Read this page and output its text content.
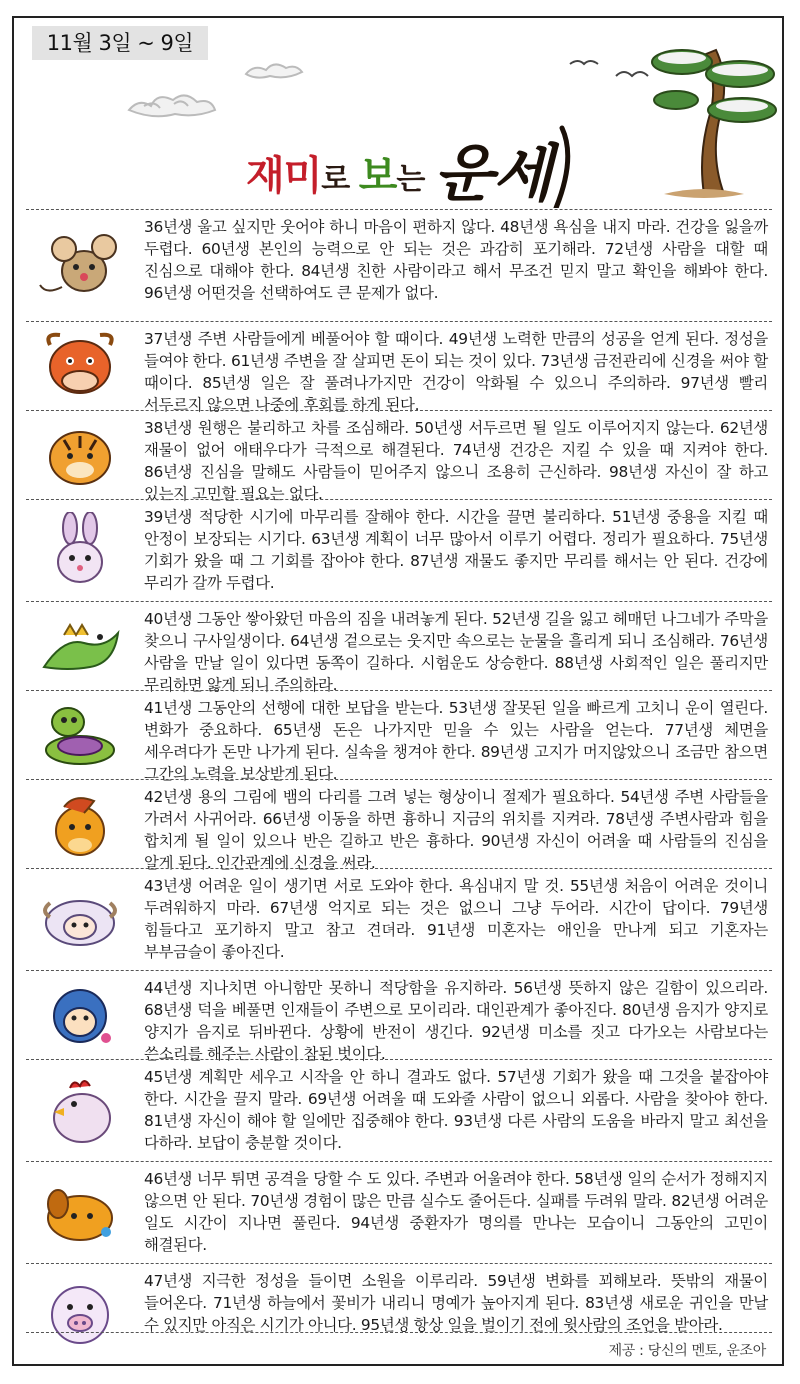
11월 3일 ~ 9일
재미로 보는 운세
36년생 울고 싶지만 웃어야 하니 마음이 편하지 않다. 48년생 욕심을 내지 마라. 건강을 잃을까 두렵다. 60년생 본인의 능력으로 안 되는 것은 과감히 포기해라. 72년생 사람을 대할 때 진심으로 대해야 한다. 84년생 친한 사람이라고 해서 무조건 믿지 말고 확인을 해봐야 한다. 96년생 어떤것을 선택하여도 큰 문제가 없다.
37년생 주변 사람들에게 베풀어야 할 때이다. 49년생 노력한 만큼의 성공을 얻게 된다. 정성을 들여야 한다. 61년생 주변을 잘 살피면 돈이 되는 것이 있다. 73년생 금전관리에 신경을 써야 할 때이다. 85년생 일은 잘 풀려나가지만 건강이 악화될 수 있으니 주의하라. 97년생 빨리 서두르지 않으면 나중에 후회를 하게 된다.
38년생 원행은 불리하고 차를 조심해라. 50년생 서두르면 될 일도 이루어지지 않는다. 62년생 재물이 없어 애태우다가 극적으로 해결된다. 74년생 건강은 지킬 수 있을 때 지켜야 한다. 86년생 진심을 말해도 사람들이 믿어주지 않으니 조용히 근신하라. 98년생 자신이 잘 하고 있는지 고민할 필요는 없다.
39년생 적당한 시기에 마무리를 잘해야 한다. 시간을 끌면 불리하다. 51년생 중용을 지킬 때 안정이 보장되는 시기다. 63년생 계획이 너무 많아서 이루기 어렵다. 정리가 필요하다. 75년생 기회가 왔을 때 그 기회를 잡아야 한다. 87년생 재물도 좋지만 무리를 해서는 안 된다. 건강에 무리가 갈까 두렵다.
40년생 그동안 쌓아왔던 마음의 짐을 내려놓게 된다. 52년생 길을 잃고 헤매던 나그네가 주막을 찾으니 구사일생이다. 64년생 겉으로는 웃지만 속으로는 눈물을 흘리게 되니 조심해라. 76년생 사람을 만날 일이 있다면 동쪽이 길하다. 시험운도 상승한다. 88년생 사회적인 일은 풀리지만 무리하면 앓게 되니 주의하라.
41년생 그동안의 선행에 대한 보답을 받는다. 53년생 잘못된 일을 빠르게 고치니 운이 열린다. 변화가 중요하다. 65년생 돈은 나가지만 믿을 수 있는 사람을 얻는다. 77년생 체면을 세우려다가 돈만 나가게 된다. 실속을 챙겨야 한다. 89년생 고지가 머지않았으니 조금만 참으면 그간의 노력을 보상받게 된다.
42년생 용의 그림에 뱀의 다리를 그려 넣는 형상이니 절제가 필요하다. 54년생 주변 사람들을 가려서 사귀어라. 66년생 이동을 하면 흉하니 지금의 위치를 지켜라. 78년생 주변사람과 힘을 합치게 될 일이 있으나 반은 길하고 반은 흉하다. 90년생 자신이 어려울 때 사람들의 진심을 알게 된다. 인간관계에 신경을 써라.
43년생 어려운 일이 생기면 서로 도와야 한다. 욕심내지 말 것. 55년생 처음이 어려운 것이니 두려워하지 마라. 67년생 억지로 되는 것은 없으니 그냥 두어라. 시간이 답이다. 79년생 힘들다고 포기하지 말고 참고 견뎌라. 91년생 미혼자는 애인을 만나게 되고 기혼자는 부부금슬이 좋아진다.
44년생 지나치면 아니함만 못하니 적당함을 유지하라. 56년생 뜻하지 않은 길함이 있으리라. 68년생 덕을 베풀면 인재들이 주변으로 모이리라. 대인관계가 좋아진다. 80년생 음지가 양지로 양지가 음지로 뒤바뀐다. 상황에 반전이 생긴다. 92년생 미소를 짓고 다가오는 사람보다는 쓴소리를 해주는 사람이 참된 벗이다.
45년생 계획만 세우고 시작을 안 하니 결과도 없다. 57년생 기회가 왔을 때 그것을 붙잡아야 한다. 시간을 끌지 말라. 69년생 어려울 때 도와줄 사람이 없으니 외롭다. 사람을 찾아야 한다. 81년생 자신이 해야 할 일에만 집중해야 한다. 93년생 다른 사람의 도움을 바라지 말고 최선을 다하라. 보답이 충분할 것이다.
46년생 너무 튀면 공격을 당할 수 도 있다. 주변과 어울려야 한다. 58년생 일의 순서가 정해지지 않으면 안 된다. 70년생 경험이 많은 만큼 실수도 줄어든다. 실패를 두려워 말라. 82년생 어려운 일도 시간이 지나면 풀린다. 94년생 중환자가 명의를 만나는 모습이니 그동안의 고민이 해결된다.
47년생 지극한 정성을 들이면 소원을 이루리라. 59년생 변화를 꾀해보라. 뜻밖의 재물이 들어온다. 71년생 하늘에서 꽃비가 내리니 명예가 높아지게 된다. 83년생 새로운 귀인을 만날 수 있지만 아직은 시기가 아니다. 95년생 항상 일을 벌이기 전에 윗사람의 조언을 받아라.
제공 : 당신의 멘토, 운조아
